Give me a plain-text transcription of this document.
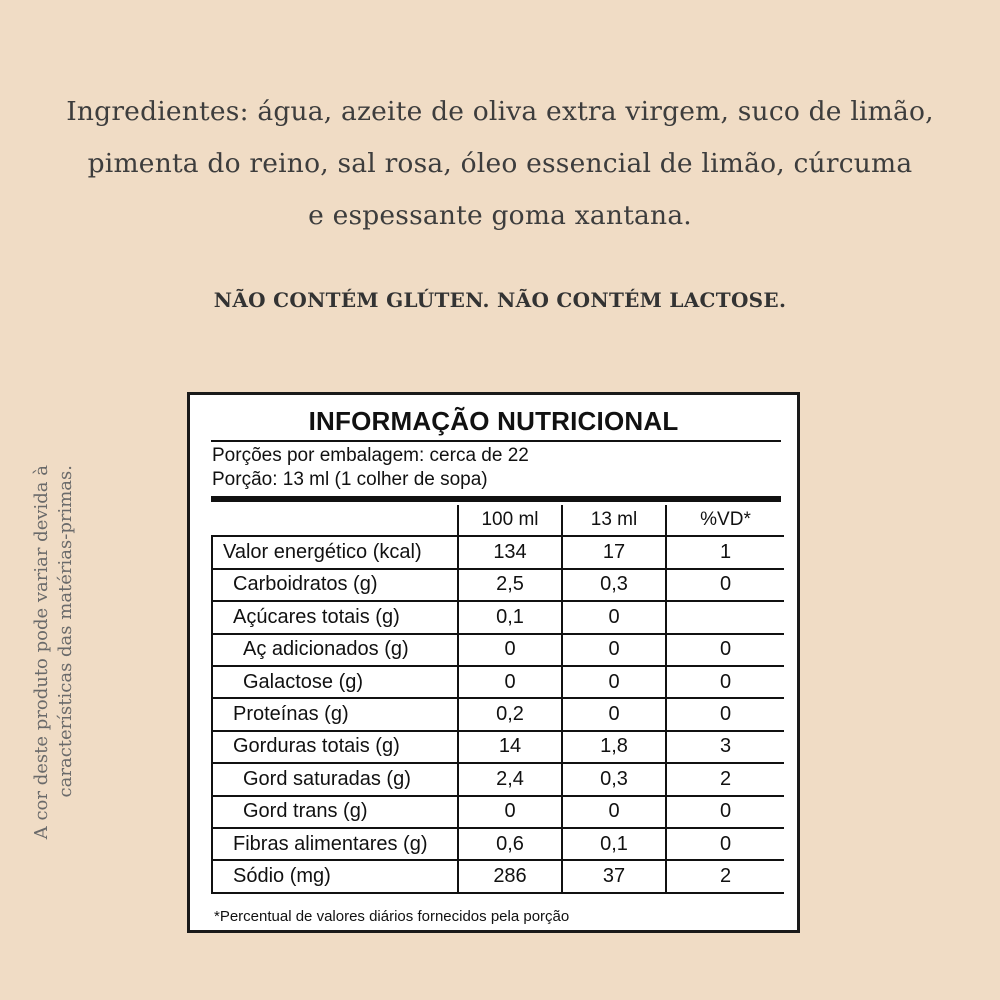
Ingredientes: água, azeite de oliva extra virgem, suco de limão,
pimenta do reino, sal rosa, óleo essencial de limão, cúrcuma
e espessante goma xantana.
NÃO CONTÉM GLÚTEN. NÃO CONTÉM LACTOSE.
A cor deste produto pode variar devida à características das matérias-primas.
INFORMAÇÃO NUTRICIONAL
Porções por embalagem: cerca de 22
Porção: 13 ml (1 colher de sopa)
	100 ml	13 ml	%VD*
Valor energético (kcal)	134	17	1
Carboidratos (g)	2,5	0,3	0
Açúcares totais (g)	0,1	0	
Aç adicionados (g)	0	0	0
Galactose (g)	0	0	0
Proteínas (g)	0,2	0	0
Gorduras totais (g)	14	1,8	3
Gord saturadas (g)	2,4	0,3	2
Gord trans (g)	0	0	0
Fibras alimentares (g)	0,6	0,1	0
Sódio (mg)	286	37	2
*Percentual de valores diários fornecidos pela porção
